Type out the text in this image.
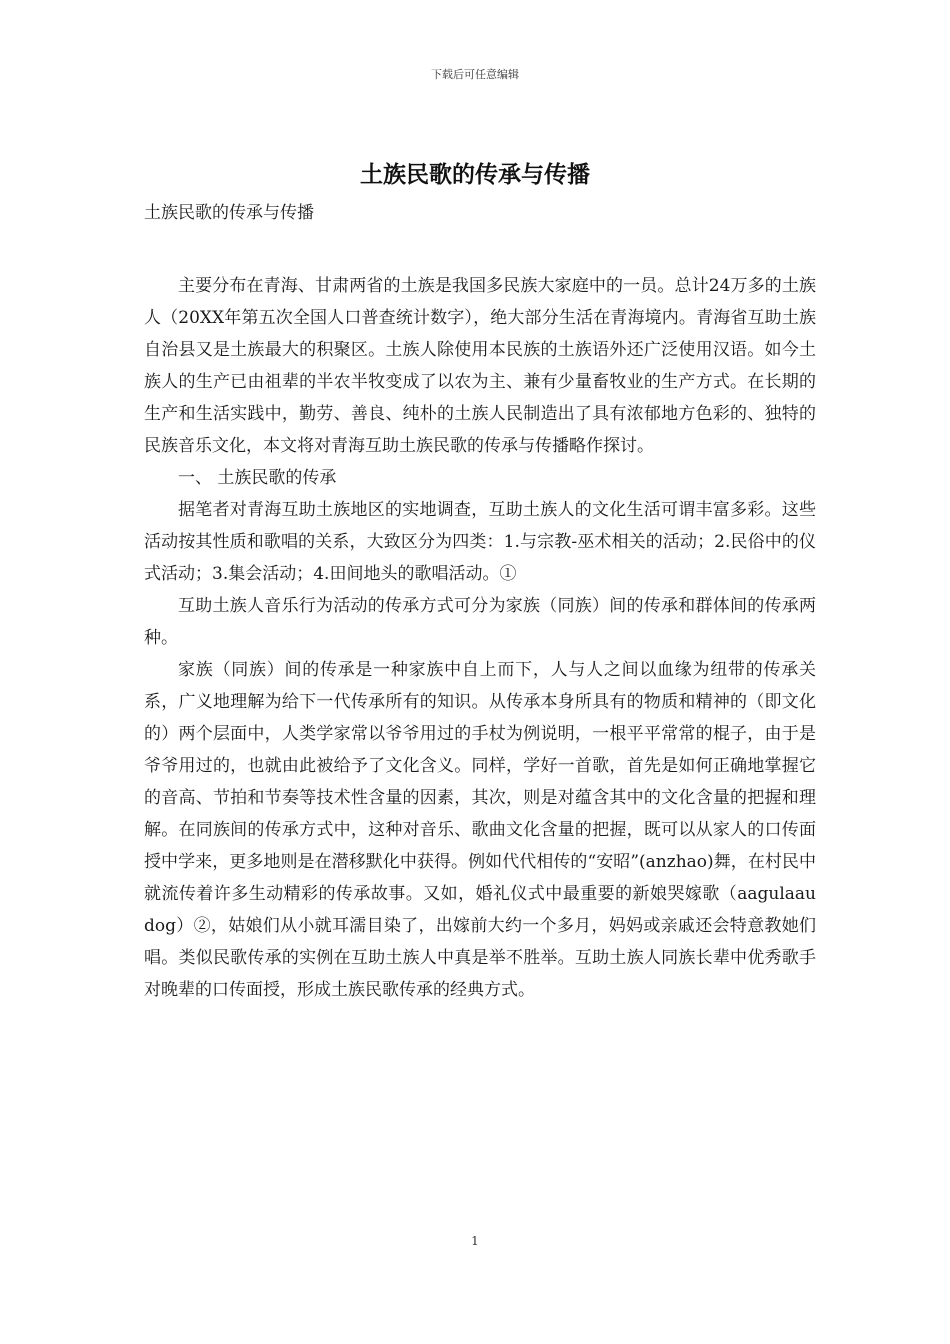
下载后可任意编辑
土族民歌的传承与传播
土族民歌的传承与传播

主要分布在青海、甘肃两省的土族是我国多民族大家庭中的一员。总计24万多的土族人（20XX年第五次全国人口普查统计数字），绝大部分生活在青海境内。青海省互助土族自治县又是土族最大的积聚区。土族人除使用本民族的土族语外还广泛使用汉语。如今土族人的生产已由祖辈的半农半牧变成了以农为主、兼有少量畜牧业的生产方式。在长期的生产和生活实践中，勤劳、善良、纯朴的土族人民制造出了具有浓郁地方色彩的、独特的民族音乐文化，本文将对青海互助土族民歌的传承与传播略作探讨。

一、 土族民歌的传承

据笔者对青海互助土族地区的实地调查，互助土族人的文化生活可谓丰富多彩。这些活动按其性质和歌唱的关系，大致区分为四类：1.与宗教-巫术相关的活动；2.民俗中的仪式活动；3.集会活动；4.田间地头的歌唱活动。①

互助土族人音乐行为活动的传承方式可分为家族（同族）间的传承和群体间的传承两种。

家族（同族）间的传承是一种家族中自上而下，人与人之间以血缘为纽带的传承关系，广义地理解为给下一代传承所有的知识。从传承本身所具有的物质和精神的（即文化的）两个层面中，人类学家常以爷爷用过的手杖为例说明，一根平平常常的棍子，由于是爷爷用过的，也就由此被给予了文化含义。同样，学好一首歌，首先是如何正确地掌握它的音高、节拍和节奏等技术性含量的因素，其次，则是对蕴含其中的文化含量的把握和理解。在同族间的传承方式中，这种对音乐、歌曲文化含量的把握，既可以从家人的口传面授中学来，更多地则是在潜移默化中获得。例如代代相传的“安昭”(anzhao)舞，在村民中就流传着许多生动精彩的传承故事。又如，婚礼仪式中最重要的新娘哭嫁歌（aagulaau dog）②，姑娘们从小就耳濡目染了，出嫁前大约一个多月，妈妈或亲戚还会特意教她们唱。类似民歌传承的实例在互助土族人中真是举不胜举。互助土族人同族长辈中优秀歌手对晚辈的口传面授，形成土族民歌传承的经典方式。

1
